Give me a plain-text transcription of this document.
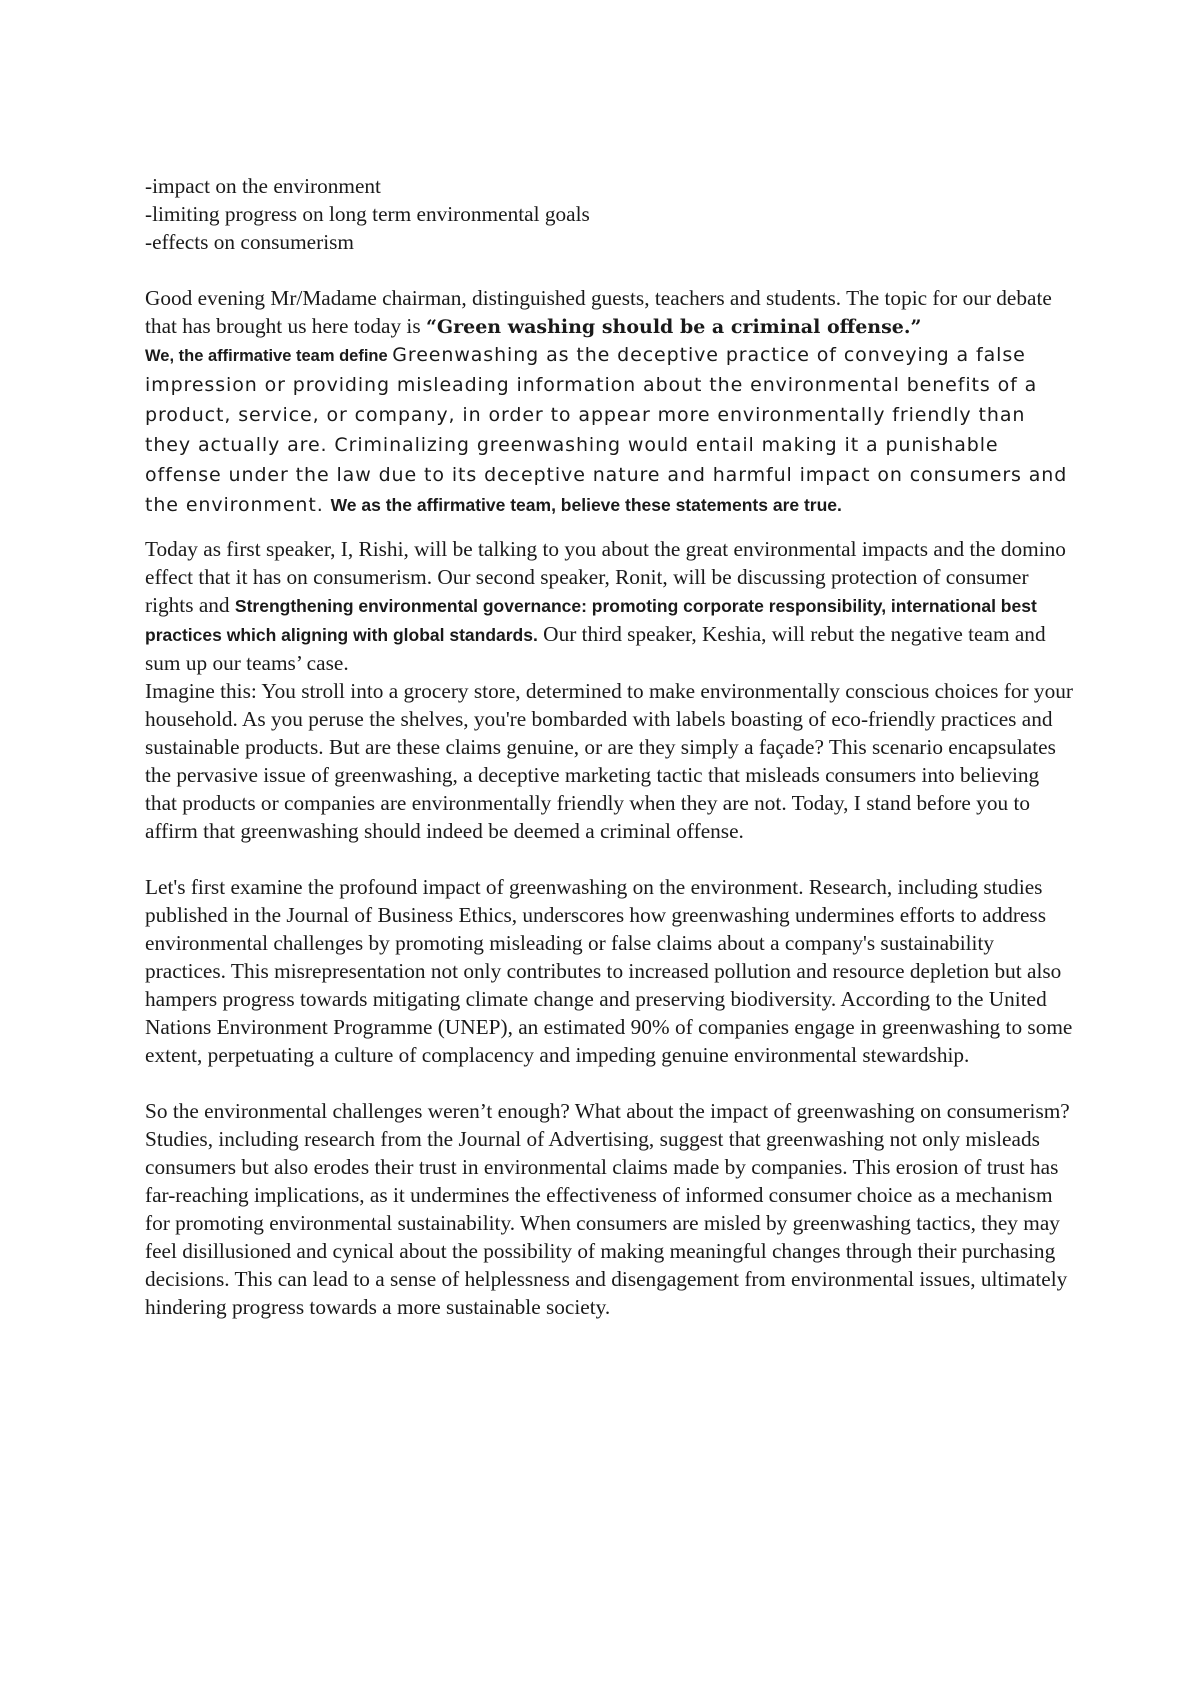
-impact on the environment

-limiting progress on long term environmental goals

-effects on consumerism

Good evening Mr/Madame chairman, distinguished guests, teachers and students. The topic for our debate that has brought us here today is “Green washing should be a criminal offense.”

We, the affirmative team define Greenwashing as the deceptive practice of conveying a false impression or providing misleading information about the environmental benefits of a product, service, or company, in order to appear more environmentally friendly than they actually are. Criminalizing greenwashing would entail making it a punishable offense under the law due to its deceptive nature and harmful impact on consumers and the environment. We as the affirmative team, believe these statements are true.

Today as first speaker, I, Rishi, will be talking to you about the great environmental impacts and the domino effect that it has on consumerism. Our second speaker, Ronit, will be discussing protection of consumer rights and Strengthening environmental governance: promoting corporate responsibility, international best practices which aligning with global standards. Our third speaker, Keshia, will rebut the negative team and sum up our teams’ case.

Imagine this: You stroll into a grocery store, determined to make environmentally conscious choices for your household. As you peruse the shelves, you're bombarded with labels boasting of eco-friendly practices and sustainable products. But are these claims genuine, or are they simply a façade? This scenario encapsulates the pervasive issue of greenwashing, a deceptive marketing tactic that misleads consumers into believing that products or companies are environmentally friendly when they are not. Today, I stand before you to affirm that greenwashing should indeed be deemed a criminal offense.

Let's first examine the profound impact of greenwashing on the environment. Research, including studies published in the Journal of Business Ethics, underscores how greenwashing undermines efforts to address environmental challenges by promoting misleading or false claims about a company's sustainability practices. This misrepresentation not only contributes to increased pollution and resource depletion but also hampers progress towards mitigating climate change and preserving biodiversity. According to the United Nations Environment Programme (UNEP), an estimated 90% of companies engage in greenwashing to some extent, perpetuating a culture of complacency and impeding genuine environmental stewardship.

So the environmental challenges weren’t enough? What about the impact of greenwashing on consumerism? Studies, including research from the Journal of Advertising, suggest that greenwashing not only misleads consumers but also erodes their trust in environmental claims made by companies. This erosion of trust has far-reaching implications, as it undermines the effectiveness of informed consumer choice as a mechanism for promoting environmental sustainability. When consumers are misled by greenwashing tactics, they may feel disillusioned and cynical about the possibility of making meaningful changes through their purchasing decisions. This can lead to a sense of helplessness and disengagement from environmental issues, ultimately hindering progress towards a more sustainable society.
